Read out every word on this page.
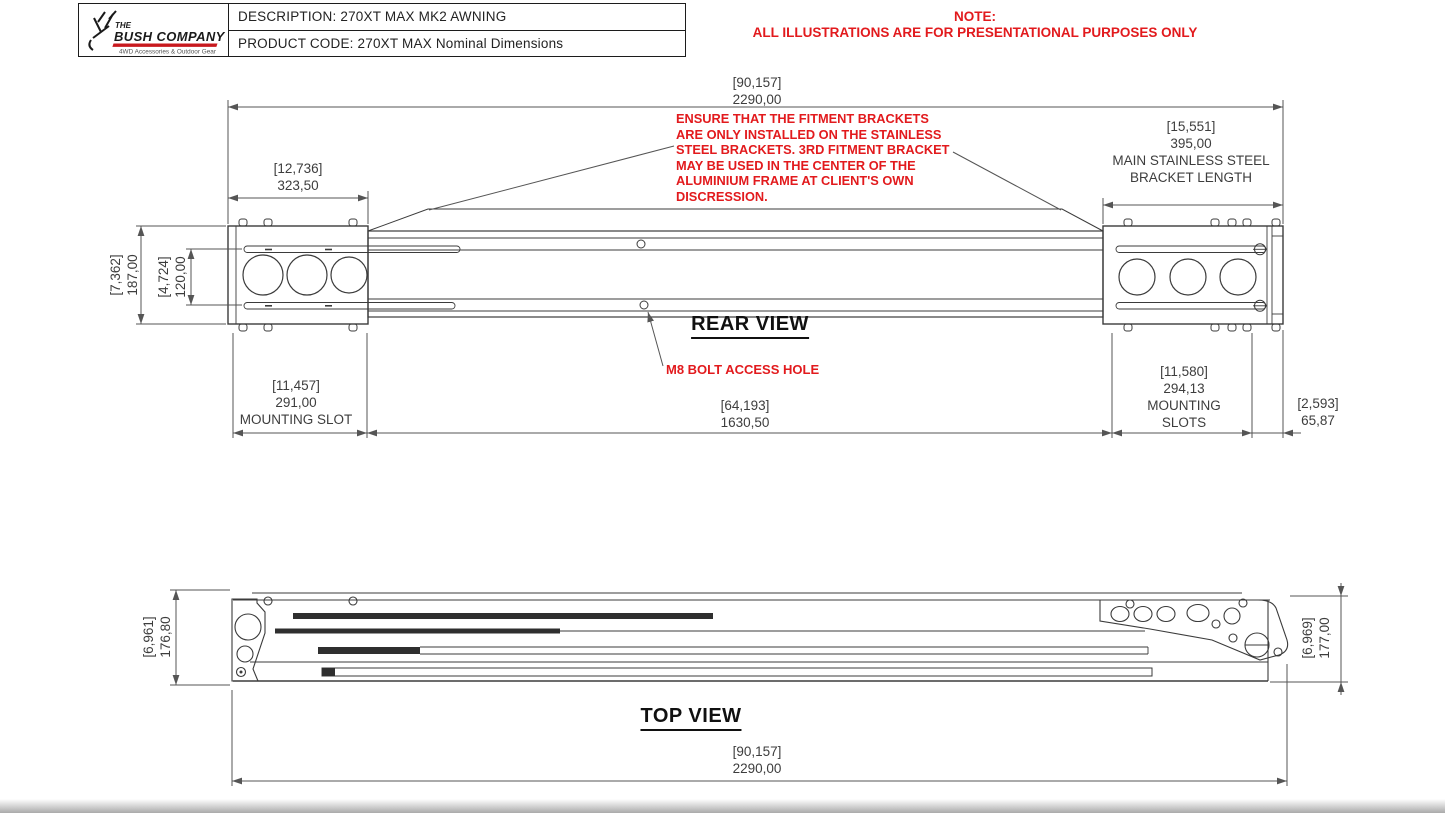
THE
BUSH COMPANY
4WD Accessories & Outdoor Gear
DESCRIPTION: 270XT MAX MK2 AWNING
PRODUCT CODE: 270XT MAX Nominal Dimensions
NOTE:
ALL ILLUSTRATIONS ARE FOR PRESENTATIONAL PURPOSES ONLY
ENSURE THAT THE FITMENT BRACKETS
ARE ONLY INSTALLED ON THE STAINLESS
STEEL BRACKETS. 3RD FITMENT BRACKET
MAY BE USED IN THE CENTER OF THE
ALUMINIUM FRAME AT CLIENT'S OWN
DISCRESSION.
M8 BOLT ACCESS HOLE
REAR VIEW
[90,157]
2290,00
[12,736]
323,50
[15,551]
395,00
MAIN STAINLESS STEEL
BRACKET LENGTH
[7,362] 187,00 [4,724] 120,00
[11,457]
291,00
MOUNTING SLOT
[64,193]
1630,50
[11,580]
294,13
MOUNTING
SLOTS
[2,593]
65,87
TOP VIEW
[6,961] 176,80	[6,969] 177,00
[90,157]
2290,00
